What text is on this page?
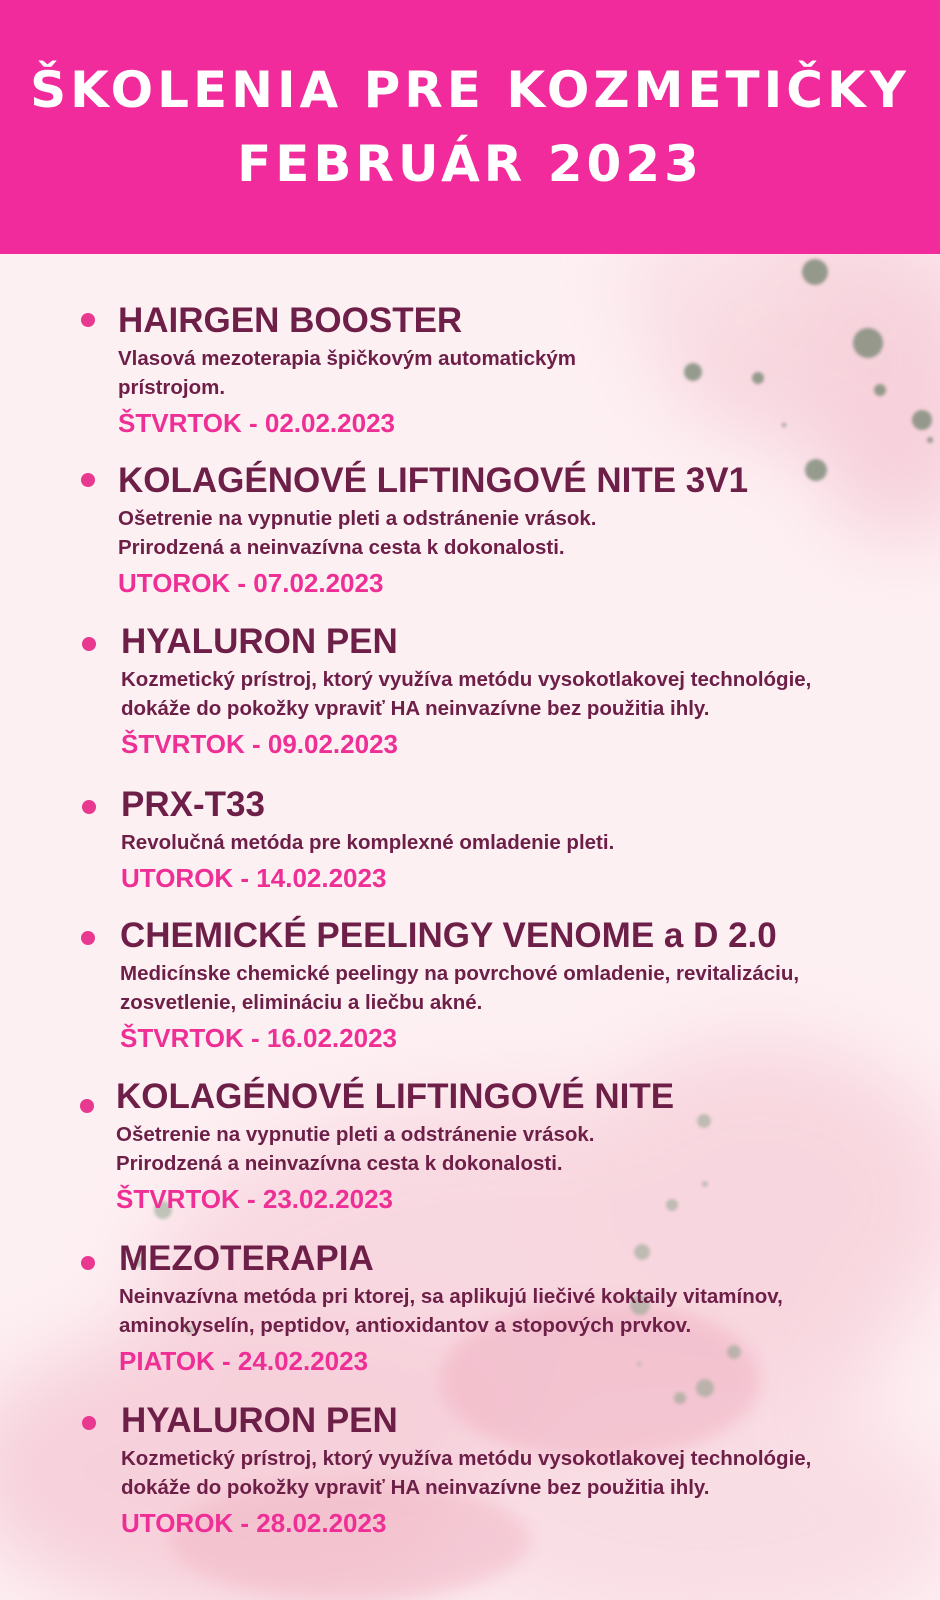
ŠKOLENIA PRE KOZMETIČKY
FEBRUÁR 2023
HAIRGEN BOOSTER
Vlasová mezoterapia špičkovým automatickým
prístrojom.
ŠTVRTOK - 02.02.2023
KOLAGÉNOVÉ LIFTINGOVÉ NITE 3V1
Ošetrenie na vypnutie pleti a odstránenie vrások.
Prirodzená a neinvazívna cesta k dokonalosti.
UTOROK - 07.02.2023
HYALURON PEN
Kozmetický prístroj, ktorý využíva metódu vysokotlakovej technológie,
dokáže do pokožky vpraviť HA neinvazívne bez použitia ihly.
ŠTVRTOK - 09.02.2023
PRX-T33
Revolučná metóda pre komplexné omladenie pleti.
UTOROK - 14.02.2023
CHEMICKÉ PEELINGY VENOME a D 2.0
Medicínske chemické peelingy na povrchové omladenie, revitalizáciu,
zosvetlenie, elimináciu a liečbu akné.
ŠTVRTOK - 16.02.2023
KOLAGÉNOVÉ LIFTINGOVÉ NITE
Ošetrenie na vypnutie pleti a odstránenie vrások.
Prirodzená a neinvazívna cesta k dokonalosti.
ŠTVRTOK - 23.02.2023
MEZOTERAPIA
Neinvazívna metóda pri ktorej, sa aplikujú liečivé koktaily vitamínov,
aminokyselín, peptidov, antioxidantov a stopových prvkov.
PIATOK - 24.02.2023
HYALURON PEN
Kozmetický prístroj, ktorý využíva metódu vysokotlakovej technológie,
dokáže do pokožky vpraviť HA neinvazívne bez použitia ihly.
UTOROK - 28.02.2023
